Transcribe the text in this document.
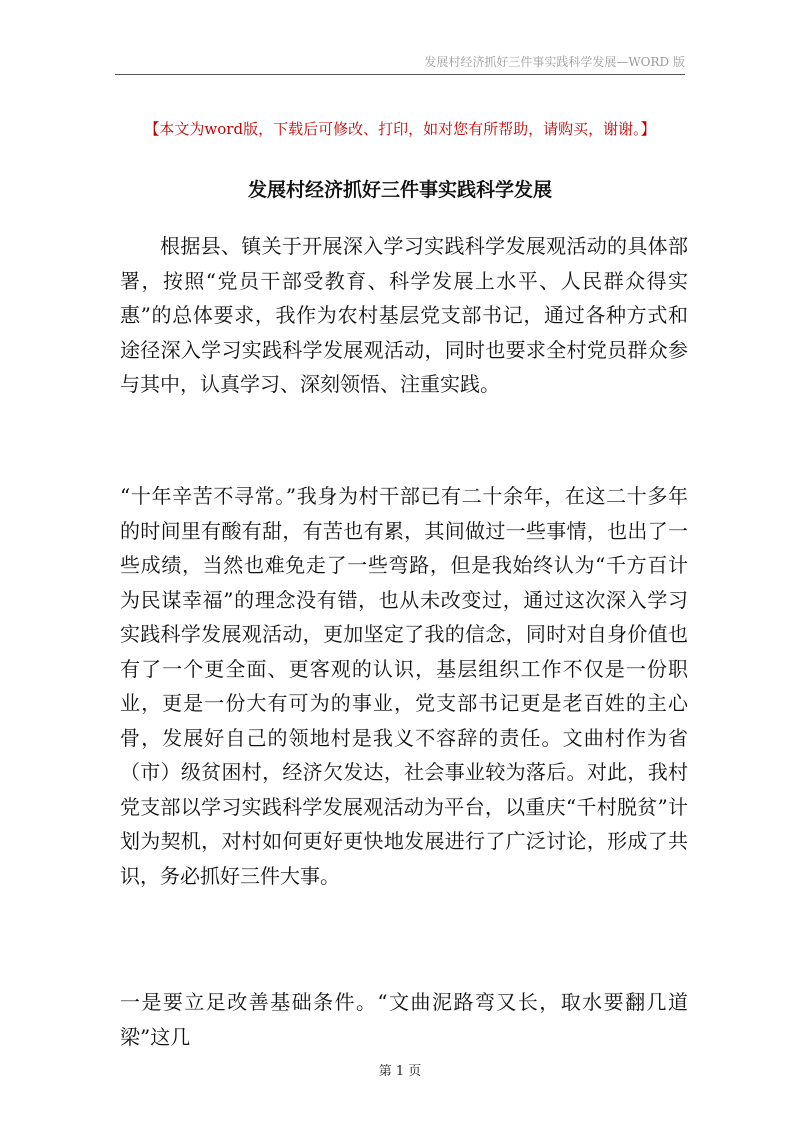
发展村经济抓好三件事实践科学发展—WORD 版
【本文为word版，下载后可修改、打印，如对您有所帮助，请购买，谢谢。】
发展村经济抓好三件事实践科学发展

根据县、镇关于开展深入学习实践科学发展观活动的具体部署，按照“党员干部受教育、科学发展上水平、人民群众得实惠”的总体要求，我作为农村基层党支部书记，通过各种方式和途径深入学习实践科学发展观活动，同时也要求全村党员群众参与其中，认真学习、深刻领悟、注重实践。

“十年辛苦不寻常。”我身为村干部已有二十余年，在这二十多年的时间里有酸有甜，有苦也有累，其间做过一些事情，也出了一些成绩，当然也难免走了一些弯路，但是我始终认为“千方百计为民谋幸福”的理念没有错，也从未改变过，通过这次深入学习实践科学发展观活动，更加坚定了我的信念，同时对自身价值也有了一个更全面、更客观的认识，基层组织工作不仅是一份职业，更是一份大有可为的事业，党支部书记更是老百姓的主心骨，发展好自己的领地村是我义不容辞的责任。文曲村作为省（市）级贫困村，经济欠发达，社会事业较为落后。对此，我村党支部以学习实践科学发展观活动为平台，以重庆“千村脱贫”计划为契机，对村如何更好更快地发展进行了广泛讨论，形成了共识，务必抓好三件大事。

一是要立足改善基础条件。“文曲泥路弯又长，取水要翻几道梁”这几

第 1 页
